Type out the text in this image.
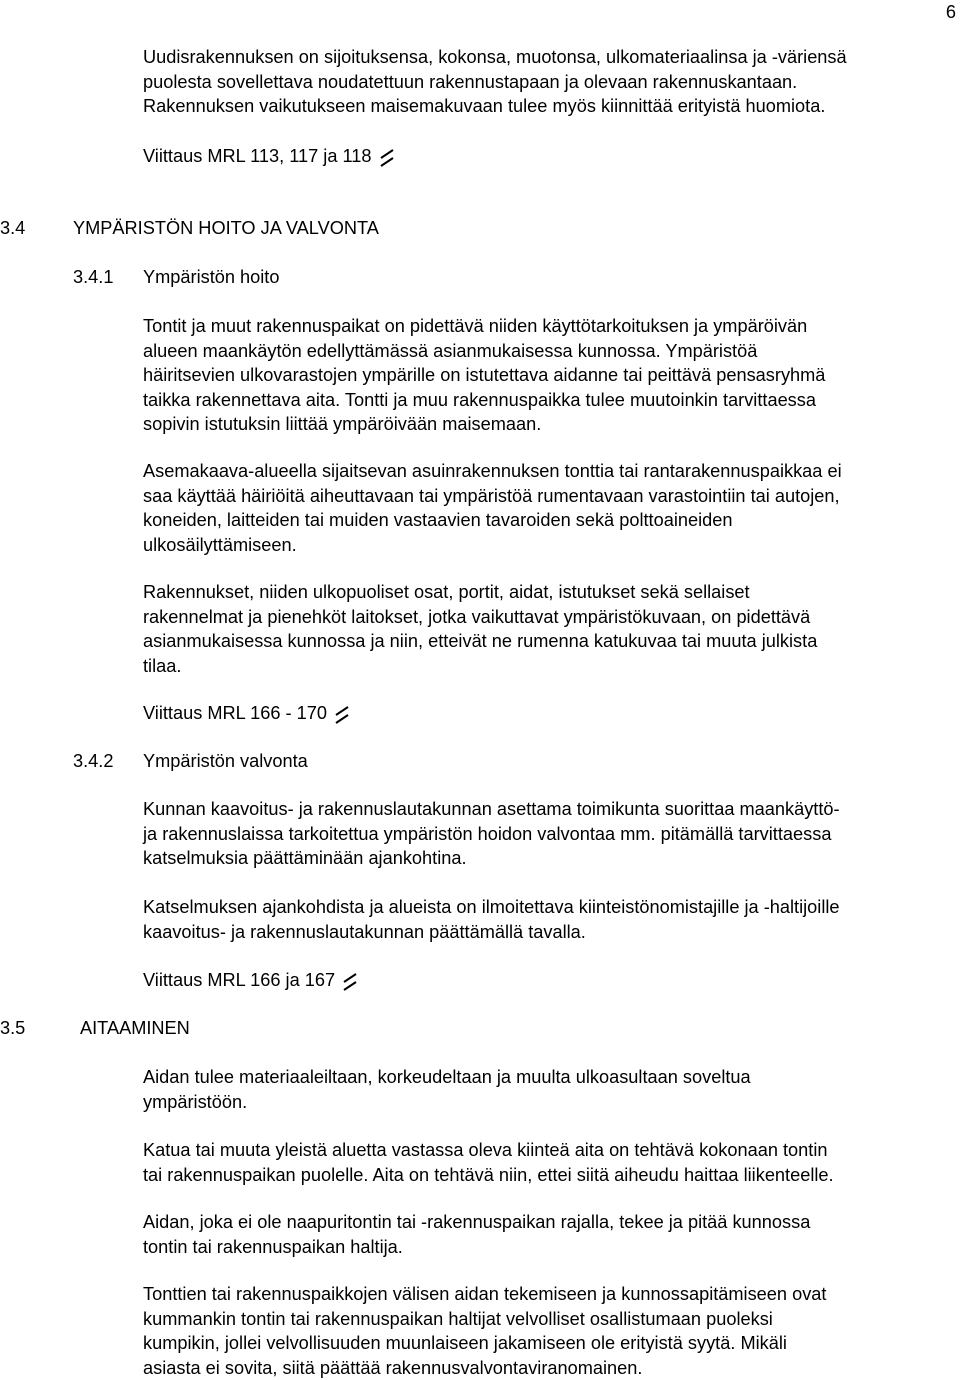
6

Uudisrakennuksen on sijoituksensa, kokonsa, muotonsa, ulkomateriaalinsa ja -väriensä

puolesta sovellettava noudatettuun rakennustapaan ja olevaan rakennuskantaan.

Rakennuksen vaikutukseen maisemakuvaan tulee myös kiinnittää erityistä huomiota.

Viittaus MRL 113, 117 ja 118
3.4	YMPÄRISTÖN HOITO JA VALVONTA
3.4.1 Ympäristön hoito

Tontit ja muut rakennuspaikat on pidettävä niiden käyttötarkoituksen ja ympäröivän

alueen maankäytön edellyttämässä asianmukaisessa kunnossa. Ympäristöä

häiritsevien ulkovarastojen ympärille on istutettava aidanne tai peittävä pensasryhmä

taikka rakennettava aita. Tontti ja muu rakennuspaikka tulee muutoinkin tarvittaessa

sopivin istutuksin liittää ympäröivään maisemaan.

Asemakaava-alueella sijaitsevan asuinrakennuksen tonttia tai rantarakennuspaikkaa ei

saa käyttää häiriöitä aiheuttavaan tai ympäristöä rumentavaan varastointiin tai autojen,

koneiden, laitteiden tai muiden vastaavien tavaroiden sekä polttoaineiden

ulkosäilyttämiseen.

Rakennukset, niiden ulkopuoliset osat, portit, aidat, istutukset sekä sellaiset

rakennelmat ja pienehköt laitokset, jotka vaikuttavat ympäristökuvaan, on pidettävä

asianmukaisessa kunnossa ja niin, etteivät ne rumenna katukuvaa tai muuta julkista

tilaa.

Viittaus MRL 166 - 170
3.4.2 Ympäristön valvonta

Kunnan kaavoitus- ja rakennuslautakunnan asettama toimikunta suorittaa maankäyttö-

ja rakennuslaissa tarkoitettua ympäristön hoidon valvontaa mm. pitämällä tarvittaessa

katselmuksia päättäminään ajankohtina.

Katselmuksen ajankohdista ja alueista on ilmoitettava kiinteistönomistajille ja -haltijoille

kaavoitus- ja rakennuslautakunnan päättämällä tavalla.

Viittaus MRL 166 ja 167
3.5	AITAAMINEN

Aidan tulee materiaaleiltaan, korkeudeltaan ja muulta ulkoasultaan soveltua

ympäristöön.

Katua tai muuta yleistä aluetta vastassa oleva kiinteä aita on tehtävä kokonaan tontin

tai rakennuspaikan puolelle. Aita on tehtävä niin, ettei siitä aiheudu haittaa liikenteelle.

Aidan, joka ei ole naapuritontin tai -rakennuspaikan rajalla, tekee ja pitää kunnossa

tontin tai rakennuspaikan haltija.

Tonttien tai rakennuspaikkojen välisen aidan tekemiseen ja kunnossapitämiseen ovat

kummankin tontin tai rakennuspaikan haltijat velvolliset osallistumaan puoleksi

kumpikin, jollei velvollisuuden muunlaiseen jakamiseen ole erityistä syytä. Mikäli

asiasta ei sovita, siitä päättää rakennusvalvontaviranomainen.
